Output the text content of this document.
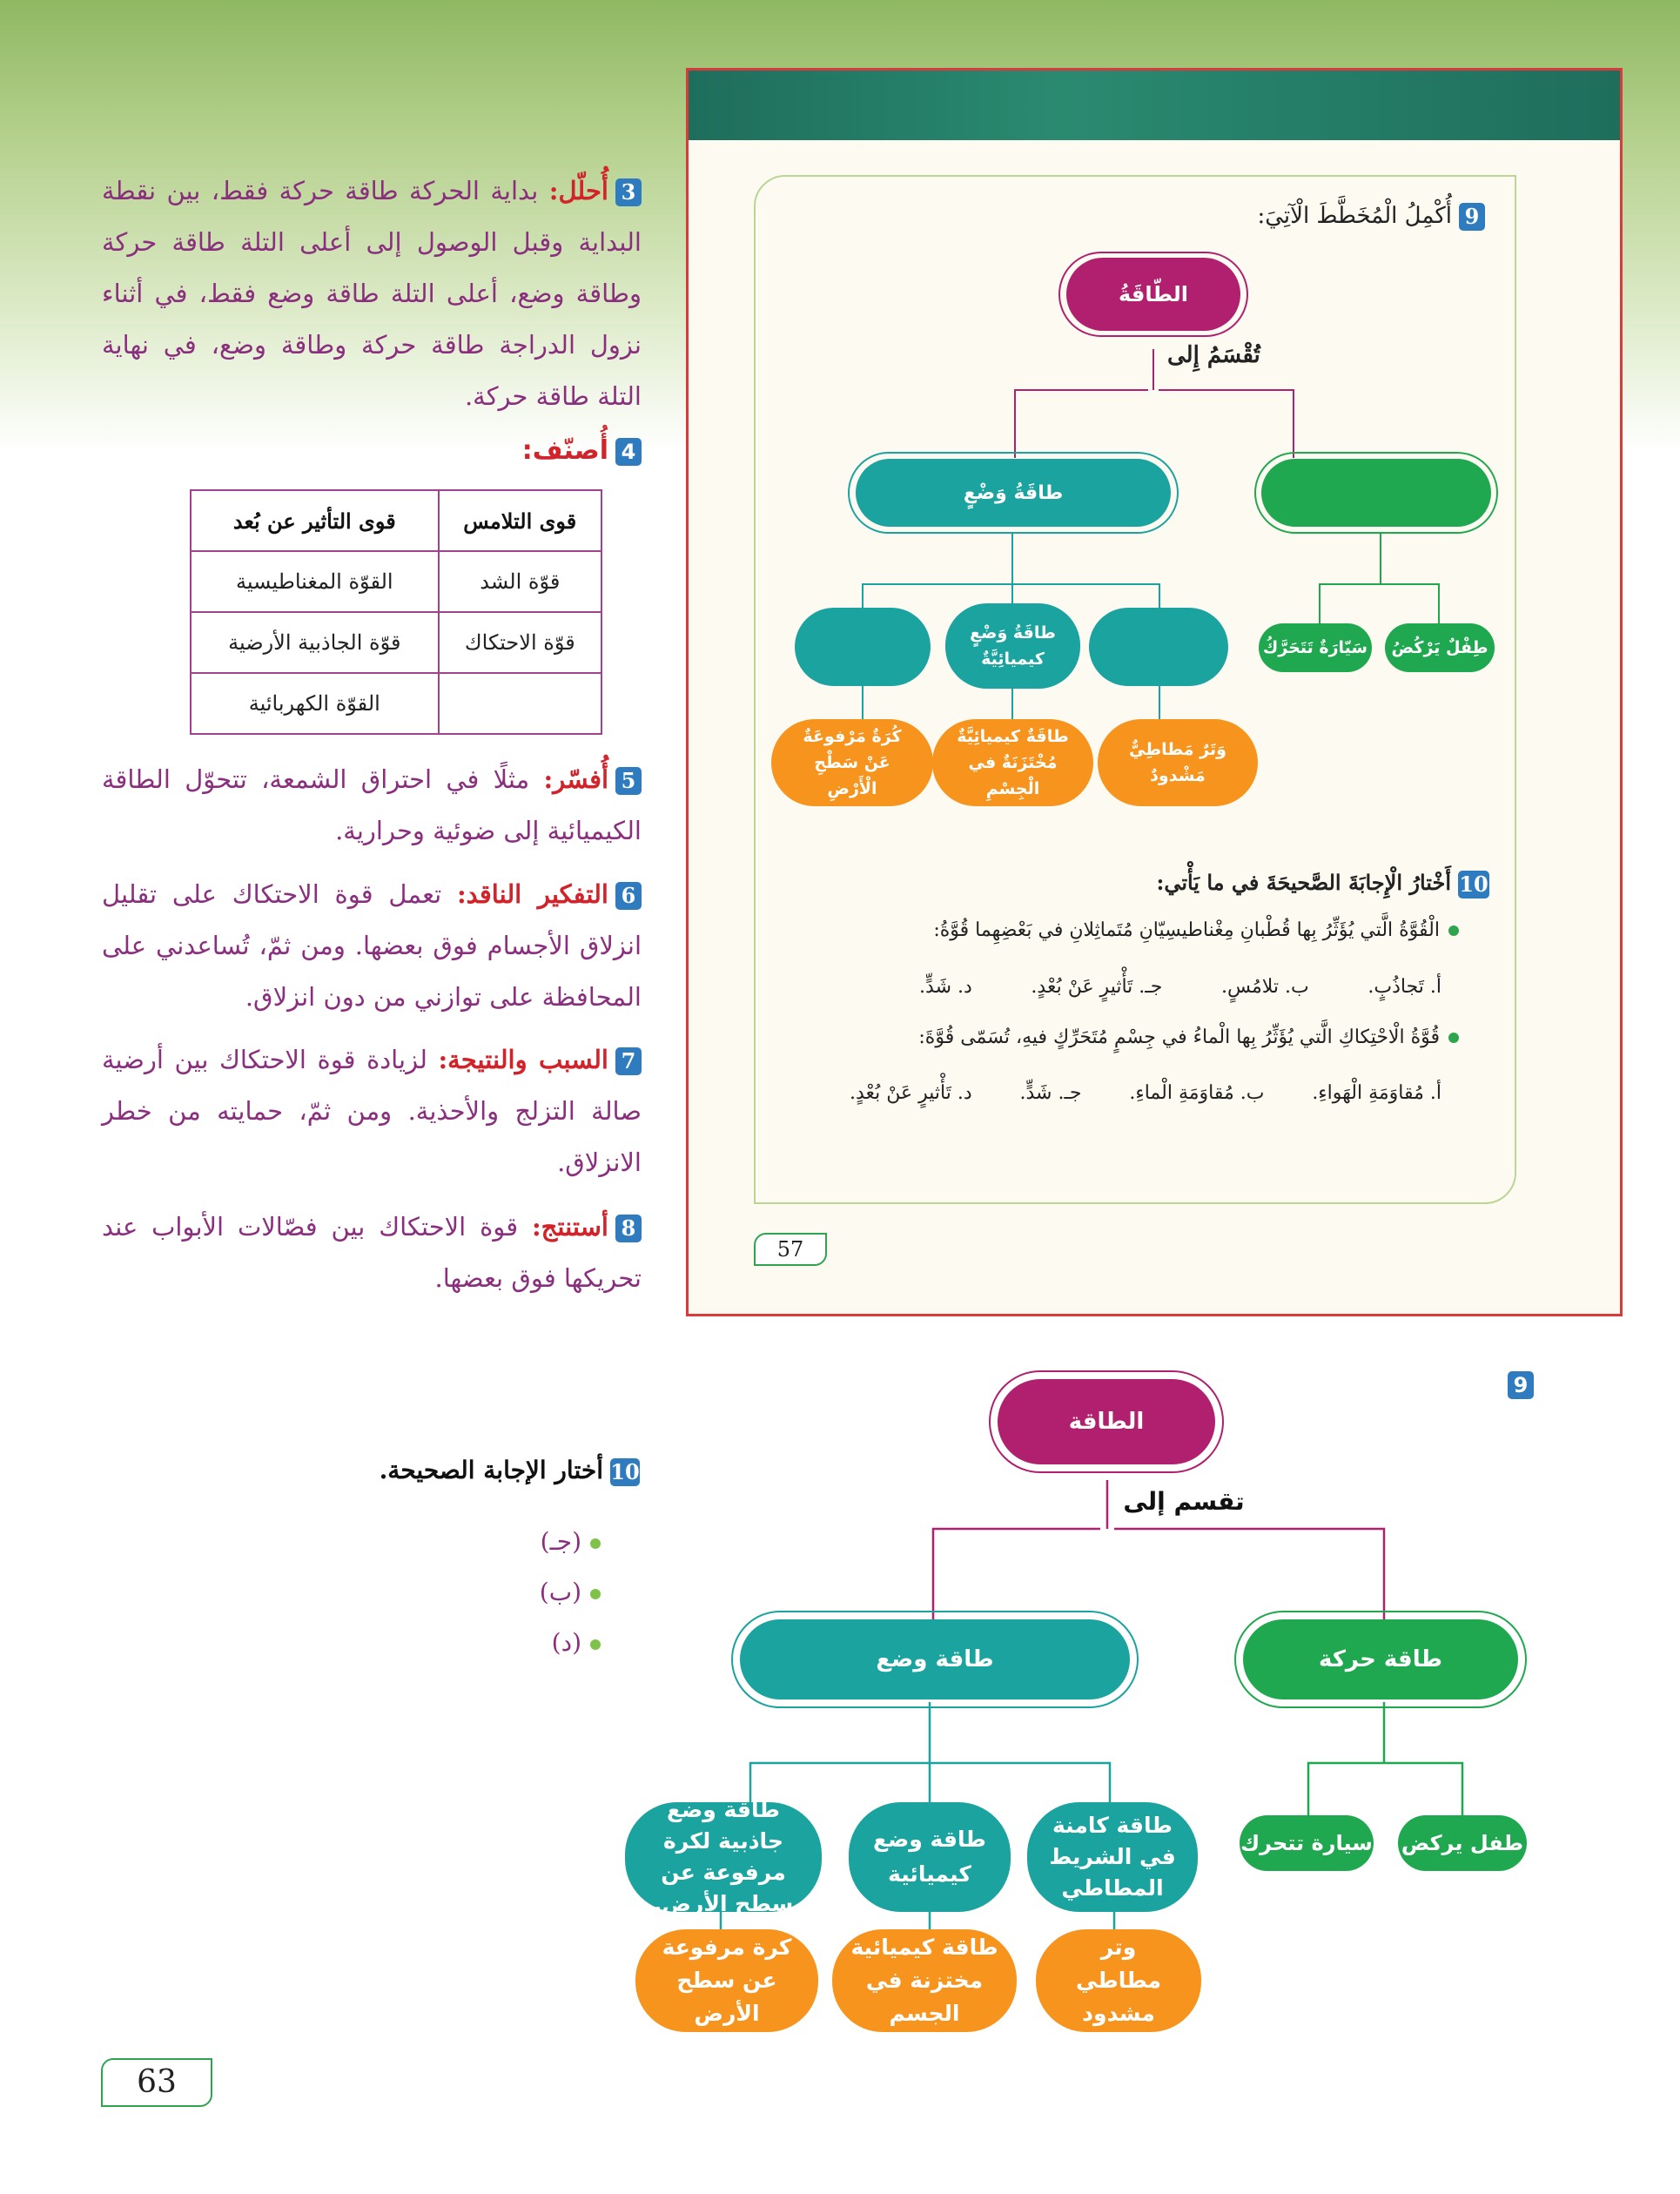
3أُحلّل: بداية الحركة طاقة حركة فقط، بين نقطة البداية وقبل الوصول إلى أعلى التلة طاقة حركة وطاقة وضع، أعلى التلة طاقة وضع فقط، في أثناء نزول الدراجة طاقة حركة وطاقة وضع، في نهاية التلة طاقة حركة.
4أُصنّف:
قوى التلامس	قوى التأثير عن بُعد
قوّة الشد	القوّة المغناطيسية
قوّة الاحتكاك	قوّة الجاذبية الأرضية
	القوّة الكهربائية
5أُفسّر: مثلًا في احتراق الشمعة، تتحوّل الطاقة الكيميائية إلى ضوئية وحرارية.
6التفكير الناقد: تعمل قوة الاحتكاك على تقليل انزلاق الأجسام فوق بعضها. ومن ثمّ، تُساعدني على المحافظة على توازني من دون انزلاق.
7السبب والنتيجة: لزيادة قوة الاحتكاك بين أرضية صالة التزلج والأحذية. ومن ثمّ، حمايته من خطر الانزلاق.
8أستنتج: قوة الاحتكاك بين فصّالات الأبواب عند تحريكها فوق بعضها.
9أُكْمِلُ الْمُخَطَّطَ الْآتِيَ:
الطّاقَةُ
تُقْسَمُ إِلى
طاقَةُ وَضْعٍ
طاقَةُ وَضْعٍ كيميائِيَّةٌ
سَيّارَةٌ تَتَحَرَّكُ	طِفْلٌ يَرْكُضُ
كُرَةٌ مَرْفوعَةٌ عَنْ سَطْحِ الْأَرْضِ
طاقَةٌ كيميائِيَّةٌ مُخْتَزَنَةٌ في الْجِسْمِ
وَتَرٌ مَطاطِيٌّ مَشْدودٌ
10أَخْتارُ الْإِجابَةَ الصَّحيحَةَ في ما يَأْتي:
الْقُوَّةُ الَّتي يُؤَثِّرُ بِها قُطْبانِ مِغْناطيسِيّانِ مُتَماثِلانِ في بَعْضِهِما قُوَّةُ:
أ. تَجاذُبٍ.
ب. تلامُسٍ.
جـ. تَأْثيرٍ عَنْ بُعْدٍ.
د. شَدٍّ.
قُوَّةُ الْاحْتِكاكِ الَّتي يُؤَثِّرُ بِها الْماءُ في جِسْمٍ مُتَحَرِّكٍ فيهِ، تُسَمّى قُوَّةَ:
أ. مُقاوَمَةِ الْهَواءِ.
ب. مُقاوَمَةِ الْماءِ.
جـ. شَدٍّ.
د. تَأْثيرٍ عَنْ بُعْدٍ.
57
9
الطاقة
تقسم إلى
طاقة وضع	طاقة حركة
طاقة وضع جاذبية لكرة مرفوعة عن سطح الأرض.
طاقة وضع كيميائية
طاقة كامنة في الشريط المطاطي
سيارة تتحرك طفل يركض
كرة مرفوعة عن سطح الأرض
طاقة كيميائية مختزنة في الجسم
وتر مطاطي مشدود
10أختار الإجابة الصحيحة.
(جـ)
(ب)
(د)
63
